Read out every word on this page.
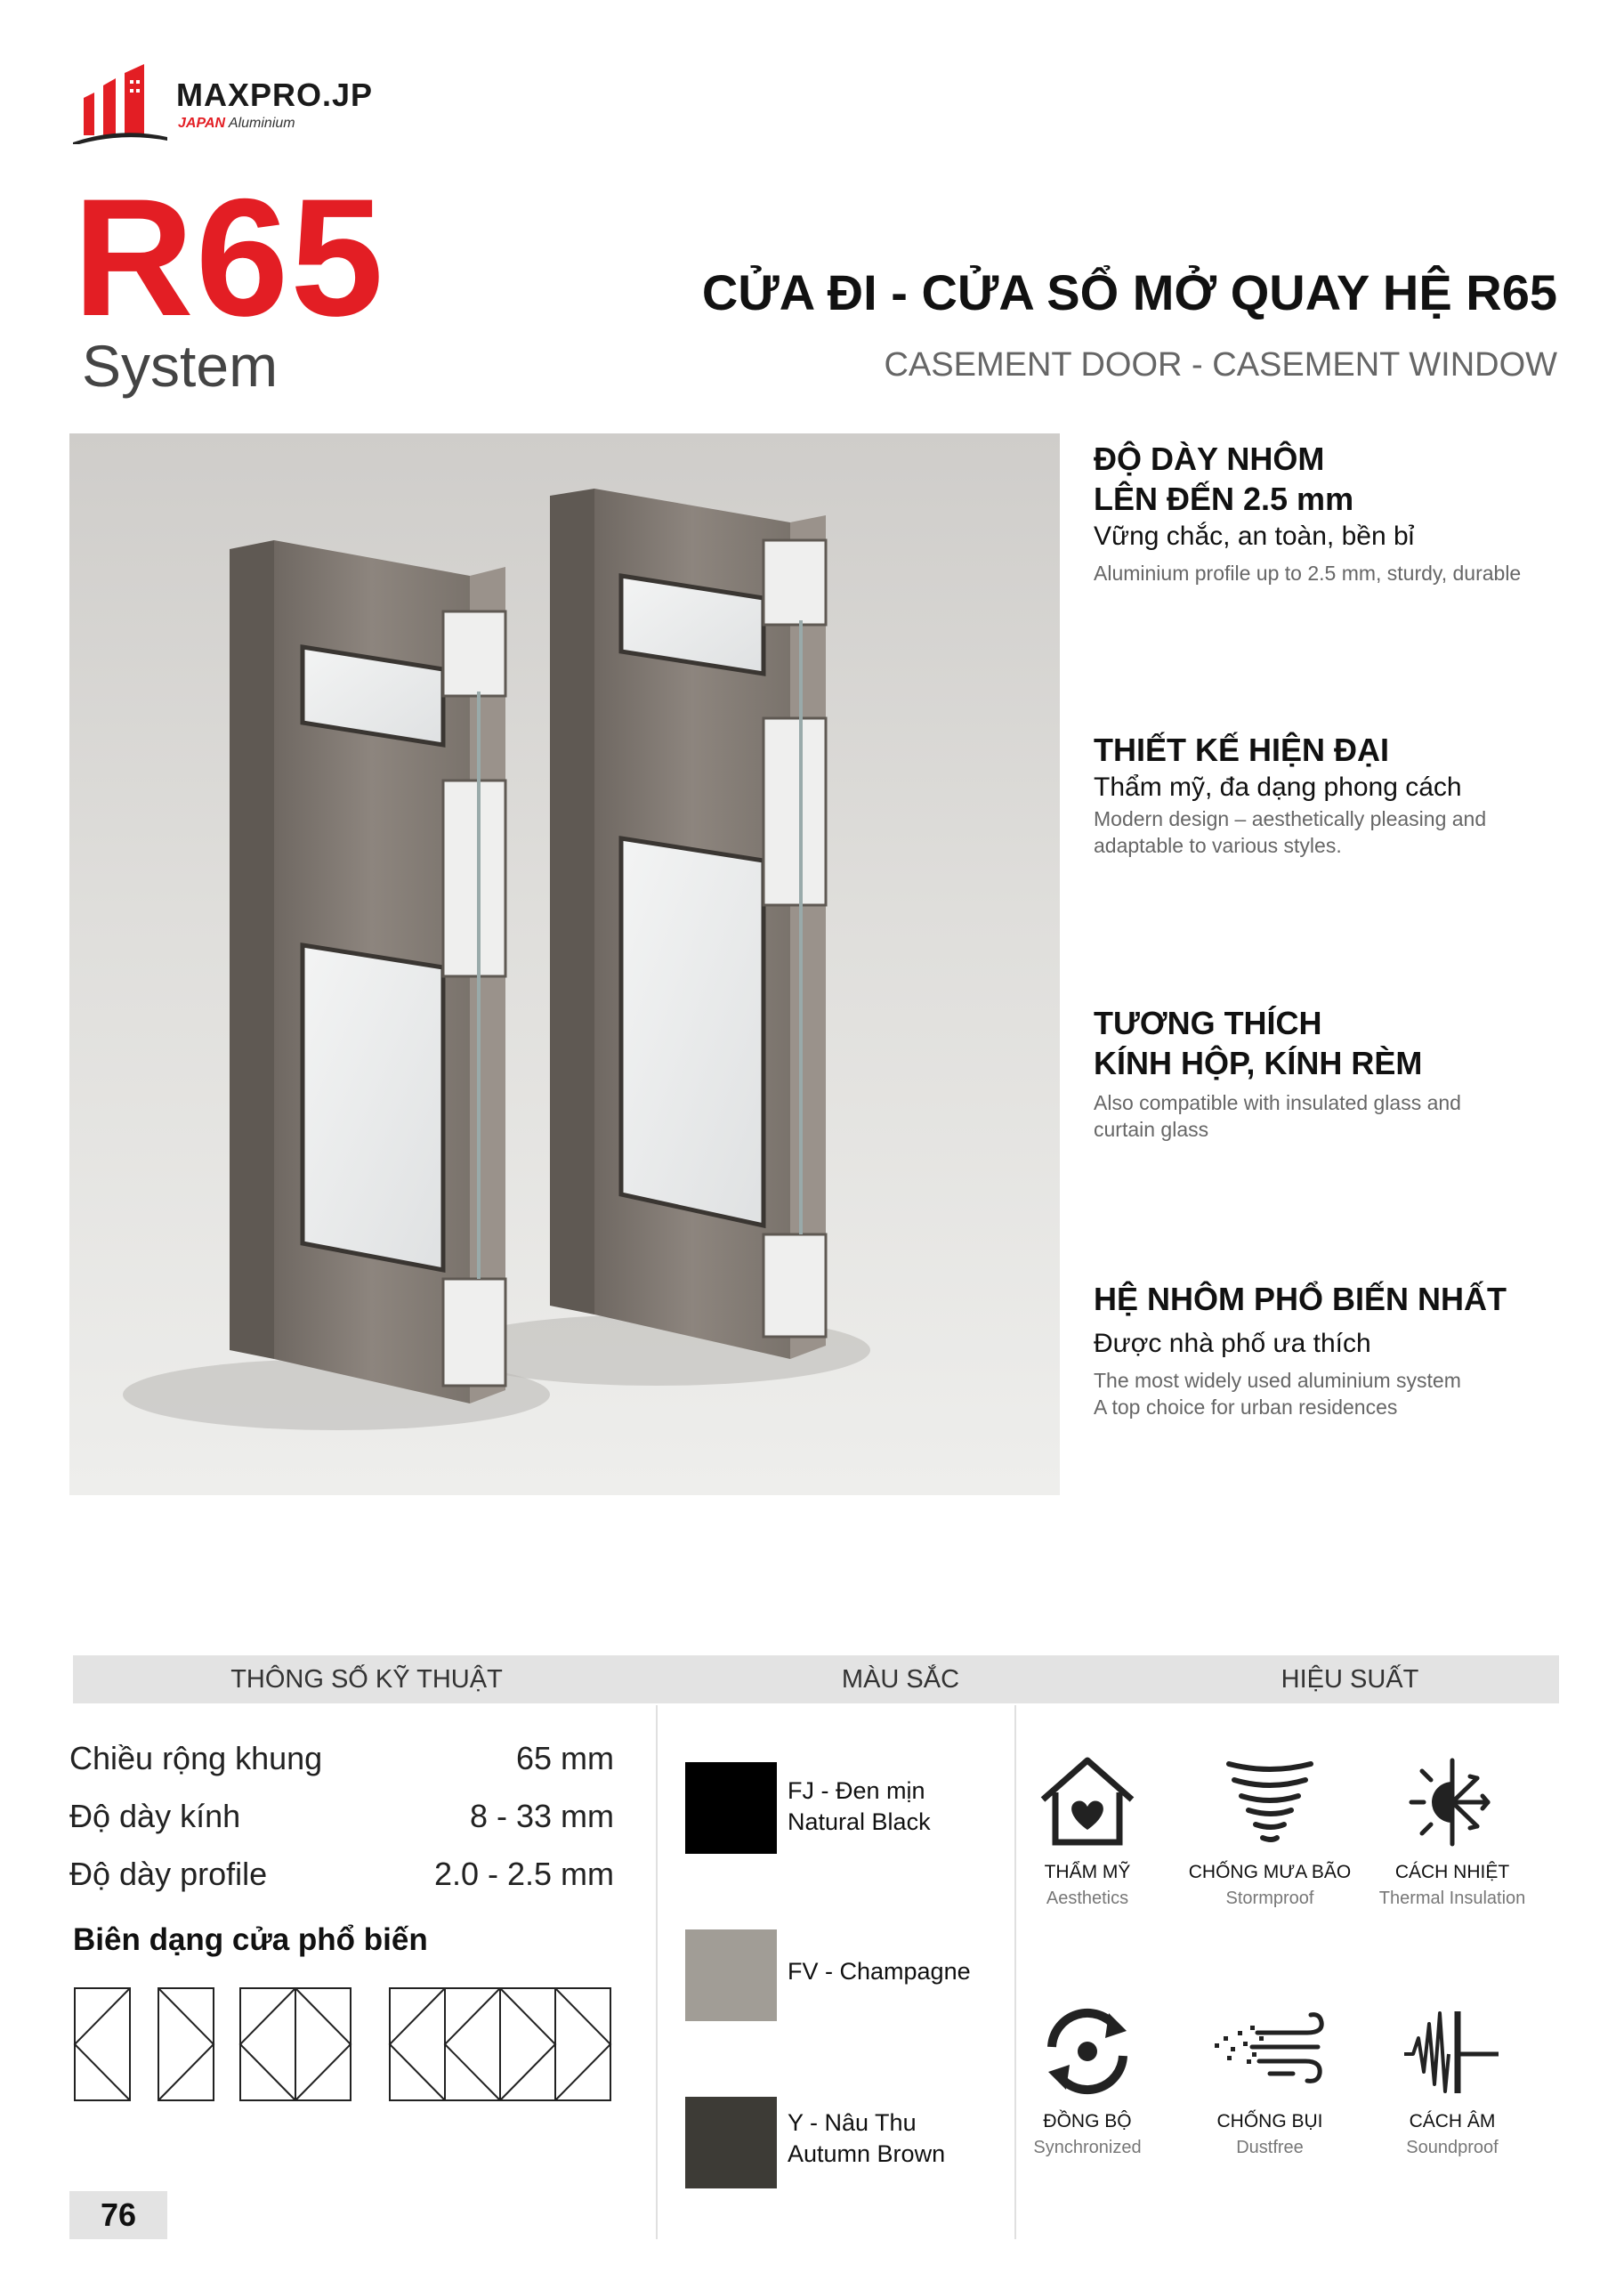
MAXPRO.JP
JAPAN Aluminium
R65
System
CỬA ĐI - CỬA SỔ MỞ QUAY HỆ R65
CASEMENT DOOR - CASEMENT WINDOW
ĐỘ DÀY NHÔM
LÊN ĐẾN 2.5 mm
Vững chắc, an toàn, bền bỉ
Aluminium profile up to 2.5 mm, sturdy, durable
THIẾT KẾ HIỆN ĐẠI
Thẩm mỹ, đa dạng phong cách
Modern design – aesthetically pleasing and
adaptable to various styles.
TƯƠNG THÍCH
KÍNH HỘP, KÍNH RÈM
Also compatible with insulated glass and
curtain glass
HỆ NHÔM PHỔ BIẾN NHẤT
Được nhà phố ưa thích
The most widely used aluminium system
A top choice for urban residences
THÔNG SỐ KỸ THUẬT	MÀU SẮC	HIỆU SUẤT
Chiều rộng khung	65 mm
Độ dày kính	8 - 33 mm
Độ dày profile	2.0 - 2.5 mm
Biên dạng cửa phổ biến
FJ - Đen mịn
Natural Black
FV - Champagne
Y - Nâu Thu
Autumn Brown
THẨM MỸ
Aesthetics
CHỐNG MƯA BÃO
Stormproof
CÁCH NHIỆT
Thermal Insulation
ĐỒNG BỘ
Synchronized
CHỐNG BỤI
Dustfree
CÁCH ÂM
Soundproof
76
